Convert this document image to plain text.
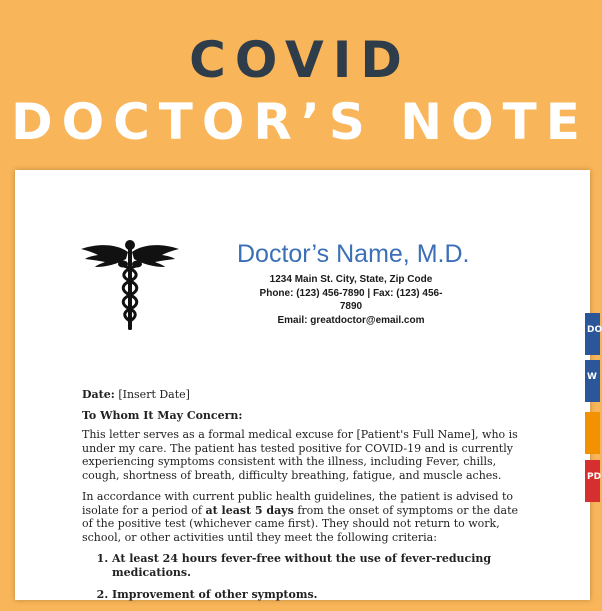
COVID
DOCTOR’S NOTE
Doctor’s Name, M.D.
1234 Main St. City, State, Zip Code
Phone: (123) 456-7890 | Fax: (123) 456-7890
Email: greatdoctor@email.com

Date: [Insert Date]

To Whom It May Concern:

This letter serves as a formal medical excuse for [Patient's Full Name], who is under my care. The patient has tested positive for COVID-19 and is currently experiencing symptoms consistent with the illness, including Fever, chills, cough, shortness of breath, difficulty breathing, fatigue, and muscle aches.

In accordance with current public health guidelines, the patient is advised to isolate for a period of at least 5 days from the onset of symptoms or the date of the positive test (whichever came first). They should not return to work, school, or other activities until they meet the following criteria:

1. At least 24 hours fever-free without the use of fever-reducing medications.
2. Improvement of other symptoms.
DO
W
PD
